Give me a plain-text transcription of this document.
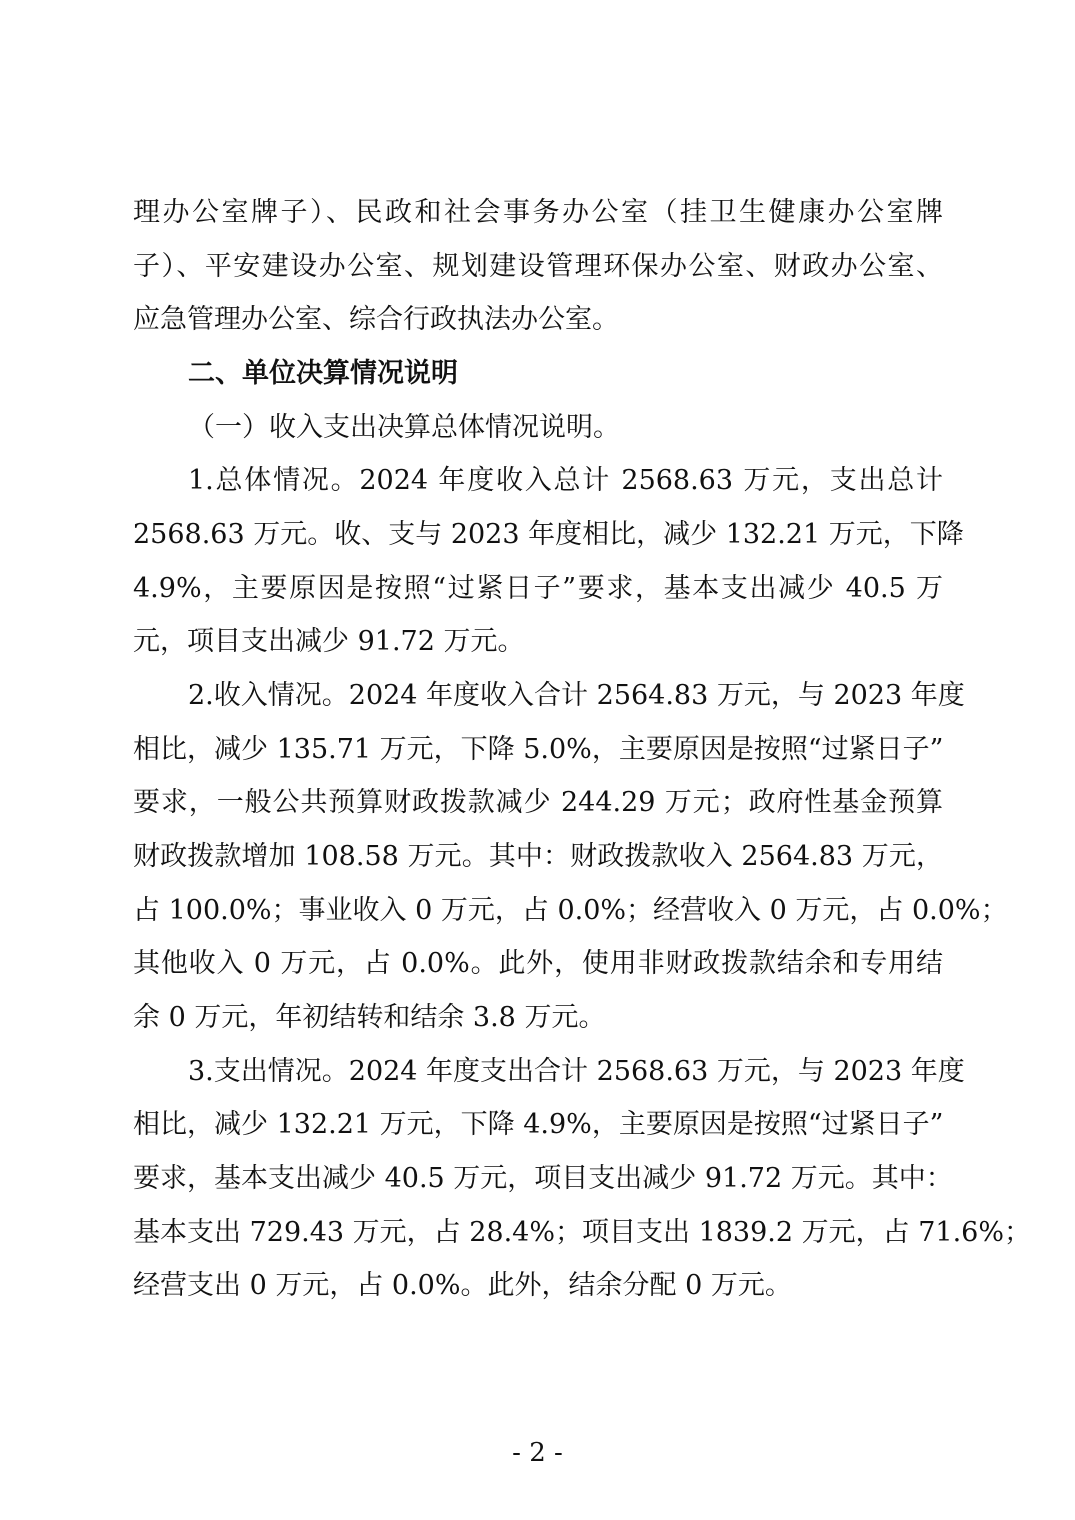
理办公室牌子）、民政和社会事务办公室（挂卫生健康办公室牌
子）、平安建设办公室、规划建设管理环保办公室、财政办公室、
应急管理办公室、综合行政执法办公室。
二、单位决算情况说明
（一）收入支出决算总体情况说明。
1.总体情况。2024 年度收入总计 2568.63 万元，支出总计
2568.63 万元。收、支与 2023 年度相比，减少 132.21 万元，下降
4.9%，主要原因是按照“过紧日子”要求，基本支出减少 40.5 万
元，项目支出减少 91.72 万元。
2.收入情况。2024 年度收入合计 2564.83 万元，与 2023 年度
相比，减少 135.71 万元，下降 5.0%，主要原因是按照“过紧日子”
要求，一般公共预算财政拨款减少 244.29 万元；政府性基金预算
财政拨款增加 108.58 万元。其中：财政拨款收入 2564.83 万元，
占 100.0%；事业收入 0 万元，占 0.0%；经营收入 0 万元，占 0.0%；
其他收入 0 万元，占 0.0%。此外，使用非财政拨款结余和专用结
余 0 万元，年初结转和结余 3.8 万元。
3.支出情况。2024 年度支出合计 2568.63 万元，与 2023 年度
相比，减少 132.21 万元，下降 4.9%，主要原因是按照“过紧日子”
要求，基本支出减少 40.5 万元，项目支出减少 91.72 万元。其中：
基本支出 729.43 万元，占 28.4%；项目支出 1839.2 万元，占 71.6%；
经营支出 0 万元，占 0.0%。此外，结余分配 0 万元。
- 2 -
